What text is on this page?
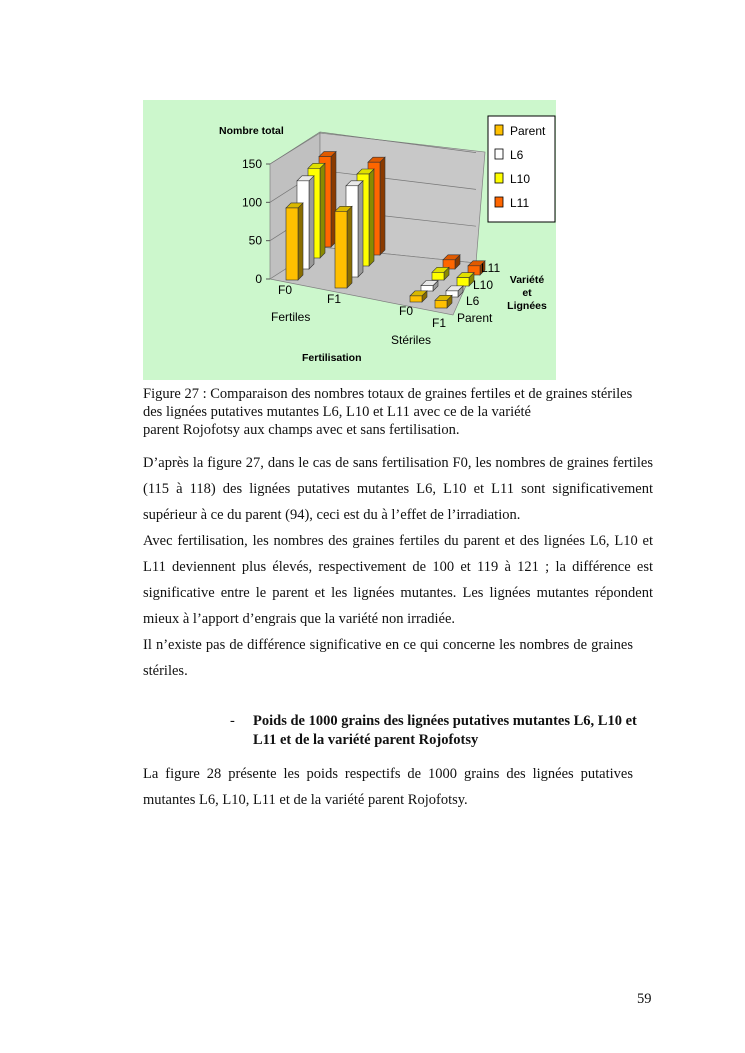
0
50
100
150
Nombre total
F0
F1
F0
F1
Fertiles
Stériles
Fertilisation
Parent
L6
L10
L11
Variété
et
Lignées
Parent
L6
L10
L11
Figure 27 : Comparaison des nombres totaux de graines fertiles et de graines stériles
des lignées putatives mutantes L6, L10 et L11 avec ce de la variété
parent Rojofotsy aux champs avec et sans fertilisation.

D’après la figure 27, dans le cas de sans fertilisation F0, les nombres de graines fertiles (115 à 118) des lignées putatives mutantes L6, L10 et L11 sont significativement supérieur à ce du parent (94), ceci est du à l’effet de l’irradiation.

Avec fertilisation, les nombres des graines fertiles du parent et des lignées L6, L10 et L11 deviennent plus élevés, respectivement de 100 et 119 à 121 ; la différence est significative entre le parent et les lignées mutantes. Les lignées mutantes répondent mieux à l’apport d’engrais que la variété non irradiée.

Il n’existe pas de différence significative en ce qui concerne les nombres de graines stériles.

- Poids de 1000 grains des lignées putatives mutantes L6, L10 et L11 et de la variété parent Rojofotsy

La figure 28 présente les poids respectifs de 1000 grains des lignées putatives mutantes L6, L10, L11 et de la variété parent Rojofotsy.

59
